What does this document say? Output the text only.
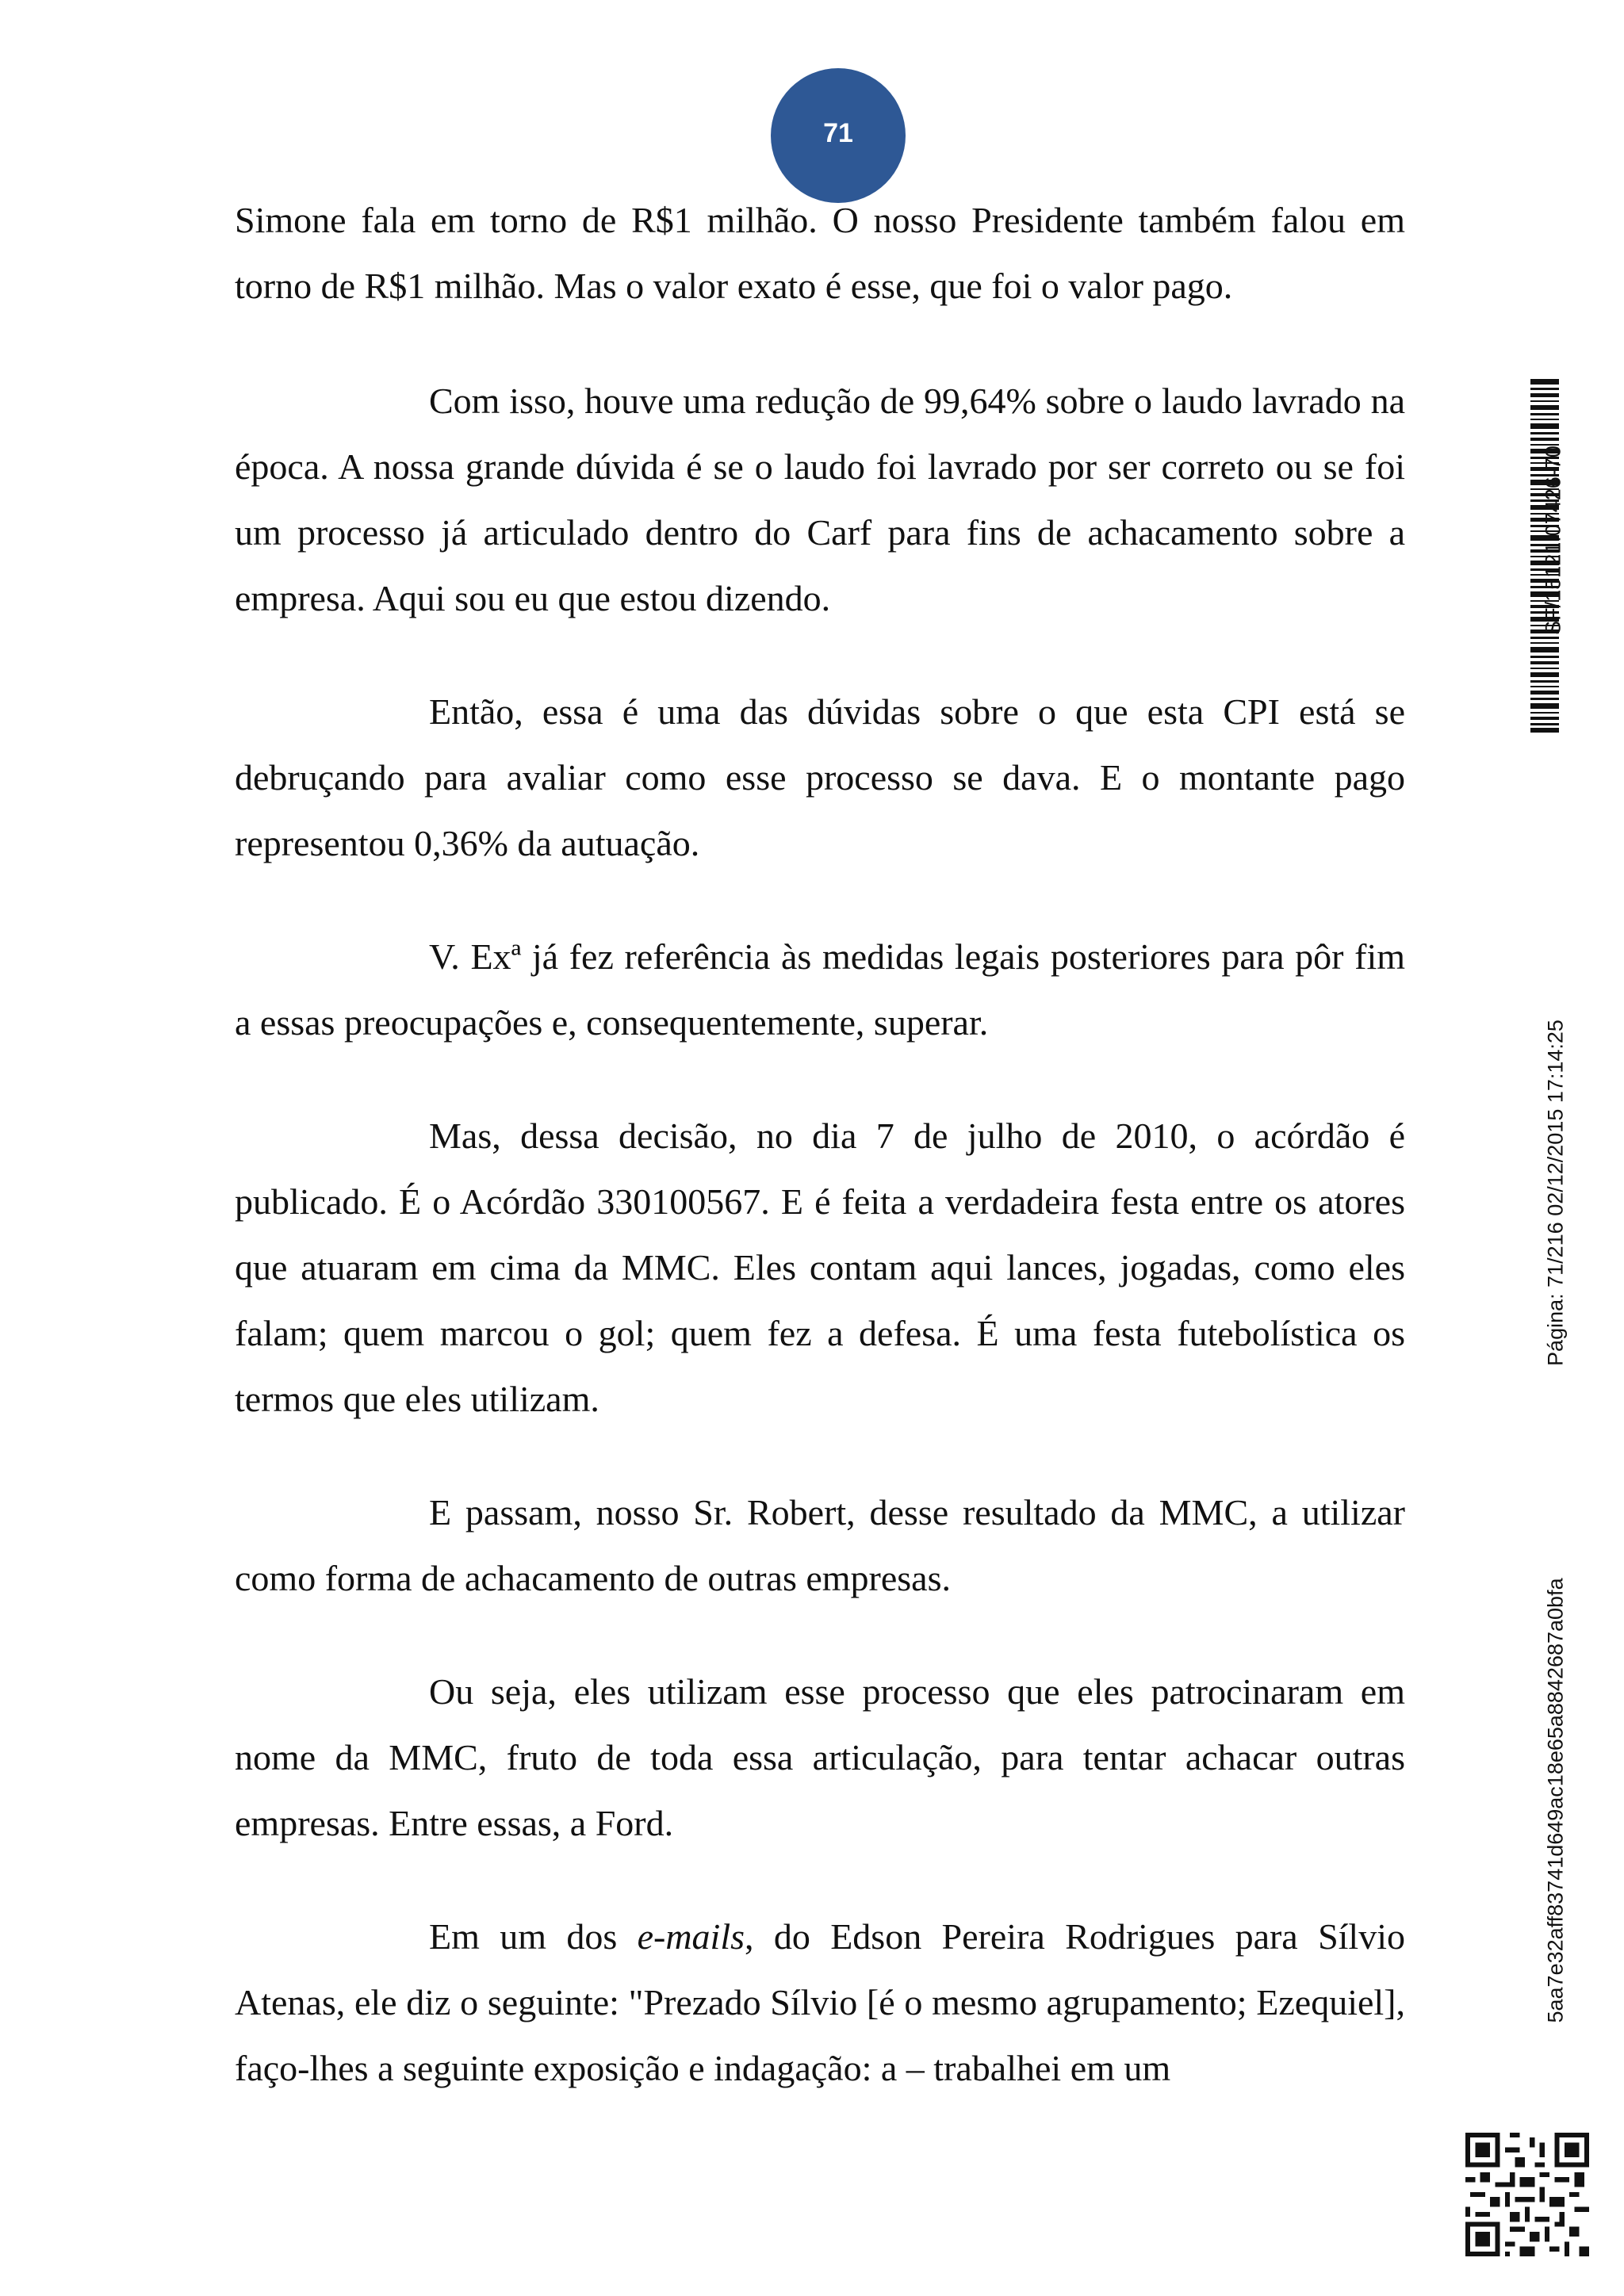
71

Simone fala em torno de R$1 milhão. O nosso Presidente também falou em torno de R$1 milhão. Mas o valor exato é esse, que foi o valor pago.

Com isso, houve uma redução de 99,64% sobre o laudo lavrado na época. A nossa grande dúvida é se o laudo foi lavrado por ser correto ou se foi um processo já articulado dentro do Carf para fins de achacamento sobre a empresa. Aqui sou eu que estou dizendo.

Então, essa é uma das dúvidas sobre o que esta CPI está se debruçando para avaliar como esse processo se dava. E o montante pago representou 0,36% da autuação.

V. Exª já fez referência às medidas legais posteriores para pôr fim a essas preocupações e, consequentemente, superar.

Mas, dessa decisão, no dia 7 de julho de 2010, o acórdão é publicado. É o Acórdão 330100567. E é feita a verdadeira festa entre os atores que atuaram em cima da MMC. Eles contam aqui lances, jogadas, como eles falam; quem marcou o gol; quem fez a defesa. É uma festa futebolística os termos que eles utilizam.

E passam, nosso Sr. Robert, desse resultado da MMC, a utilizar como forma de achacamento de outras empresas.

Ou seja, eles utilizam esse processo que eles patrocinaram em nome da MMC, fruto de toda essa articulação, para tentar achacar outras empresas. Entre essas, a Ford.

Em um dos e-mails, do Edson Pereira Rodrigues para Sílvio Atenas, ele diz o seguinte: "Prezado Sílvio [é o mesmo agrupamento; Ezequiel], faço-lhes a seguinte exposição e indagação: a – trabalhei em um

SF/15121.07426-70
Página: 71/216 02/12/2015 17:14:25
5aa7e32aff83741d649ac18e65a8842687a0bfa
